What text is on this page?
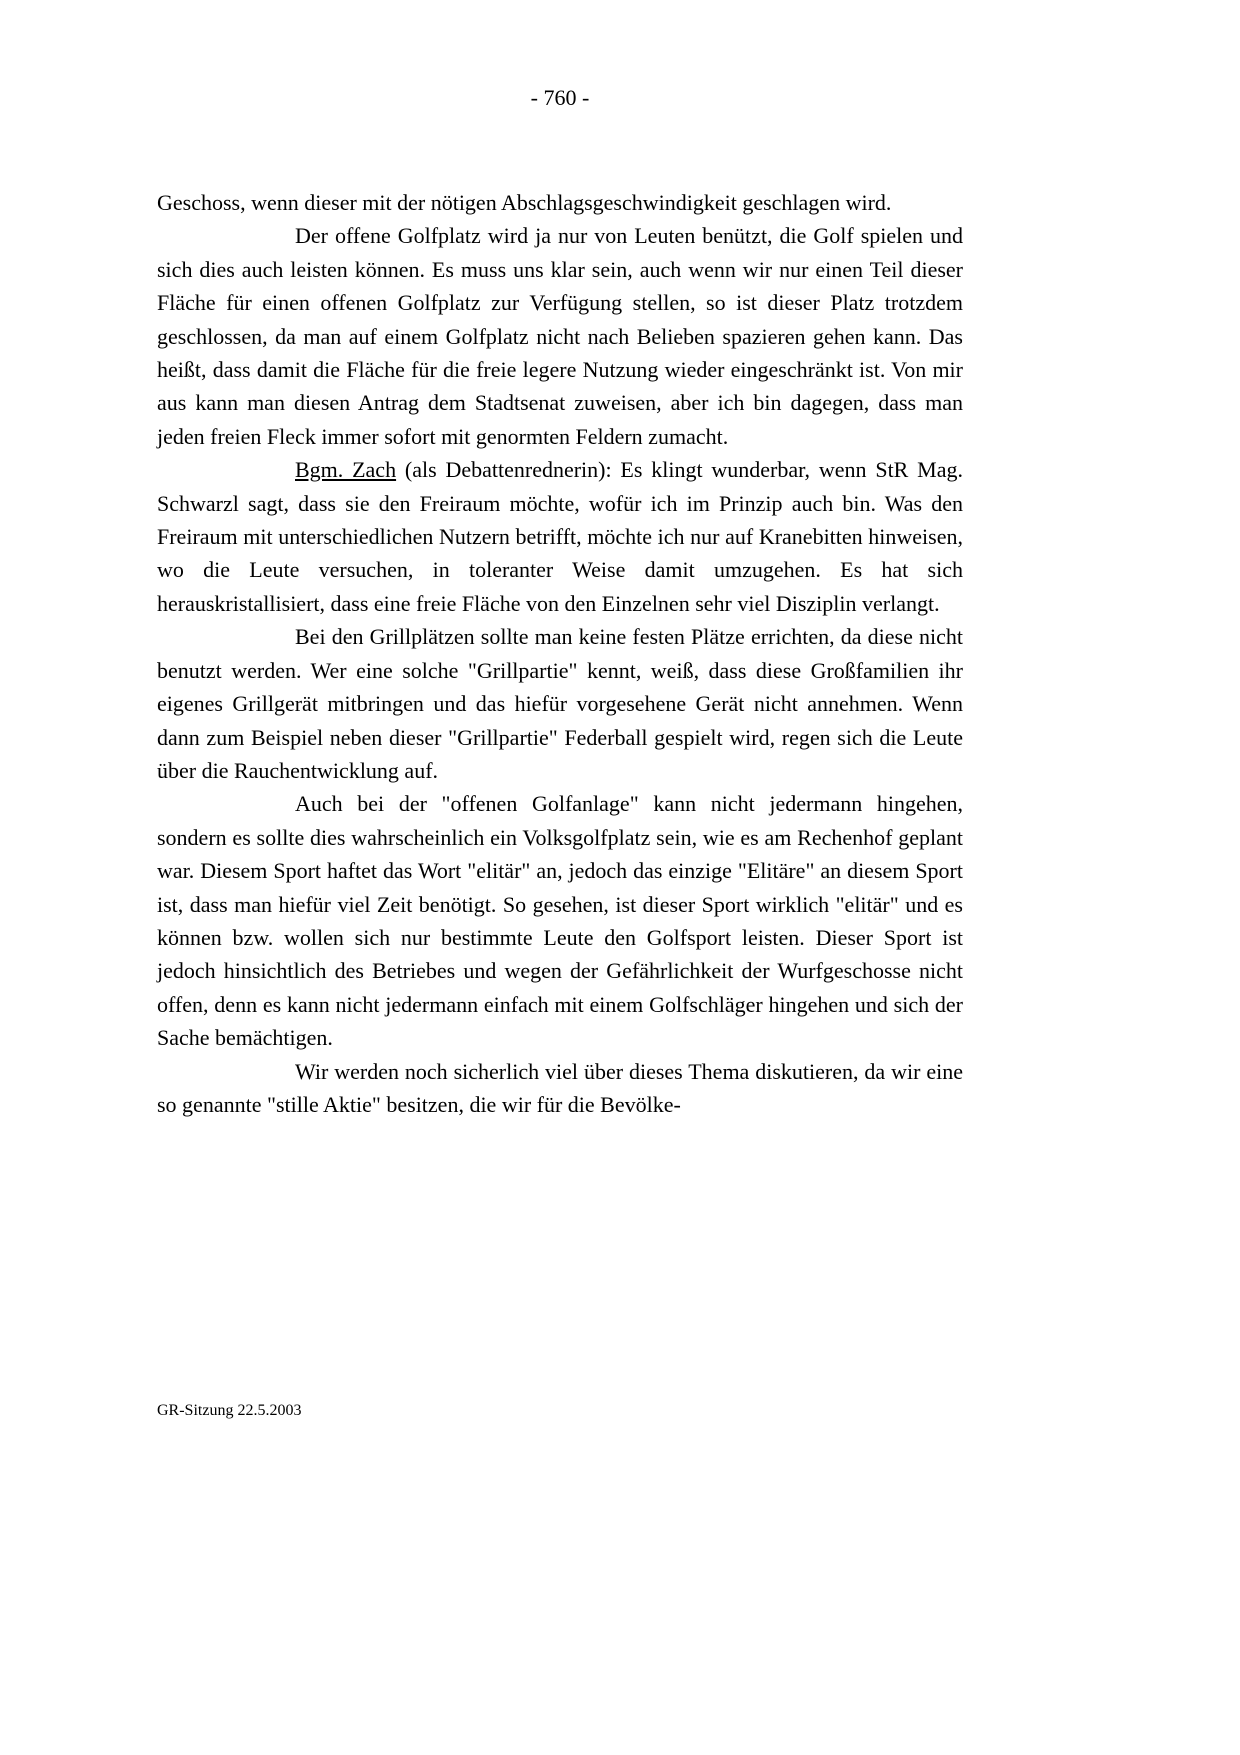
- 760 -

Geschoss, wenn dieser mit der nötigen Abschlagsgeschwindigkeit geschlagen wird.

Der offene Golfplatz wird ja nur von Leuten benützt, die Golf spielen und sich dies auch leisten können. Es muss uns klar sein, auch wenn wir nur einen Teil dieser Fläche für einen offenen Golfplatz zur Verfügung stellen, so ist dieser Platz trotzdem geschlossen, da man auf einem Golfplatz nicht nach Belieben spazieren gehen kann. Das heißt, dass damit die Fläche für die freie legere Nutzung wieder eingeschränkt ist. Von mir aus kann man diesen Antrag dem Stadtsenat zuweisen, aber ich bin dagegen, dass man jeden freien Fleck immer sofort mit genormten Feldern zumacht.

Bgm. Zach (als Debattenrednerin): Es klingt wunderbar, wenn StR Mag. Schwarzl sagt, dass sie den Freiraum möchte, wofür ich im Prinzip auch bin. Was den Freiraum mit unterschiedlichen Nutzern betrifft, möchte ich nur auf Kranebitten hinweisen, wo die Leute versuchen, in toleranter Weise damit umzugehen. Es hat sich herauskristallisiert, dass eine freie Fläche von den Einzelnen sehr viel Disziplin verlangt.

Bei den Grillplätzen sollte man keine festen Plätze errichten, da diese nicht benutzt werden. Wer eine solche "Grillpartie" kennt, weiß, dass diese Großfamilien ihr eigenes Grillgerät mitbringen und das hiefür vorgesehene Gerät nicht annehmen. Wenn dann zum Beispiel neben dieser "Grillpartie" Federball gespielt wird, regen sich die Leute über die Rauchentwicklung auf.

Auch bei der "offenen Golfanlage" kann nicht jedermann hingehen, sondern es sollte dies wahrscheinlich ein Volksgolfplatz sein, wie es am Rechenhof geplant war. Diesem Sport haftet das Wort "elitär" an, jedoch das einzige "Elitäre" an diesem Sport ist, dass man hiefür viel Zeit benötigt. So gesehen, ist dieser Sport wirklich "elitär" und es können bzw. wollen sich nur bestimmte Leute den Golfsport leisten. Dieser Sport ist jedoch hinsichtlich des Betriebes und wegen der Gefährlichkeit der Wurfgeschosse nicht offen, denn es kann nicht jedermann einfach mit einem Golfschläger hingehen und sich der Sache bemächtigen.

Wir werden noch sicherlich viel über dieses Thema diskutieren, da wir eine so genannte "stille Aktie" besitzen, die wir für die Bevölke-

GR-Sitzung 22.5.2003
